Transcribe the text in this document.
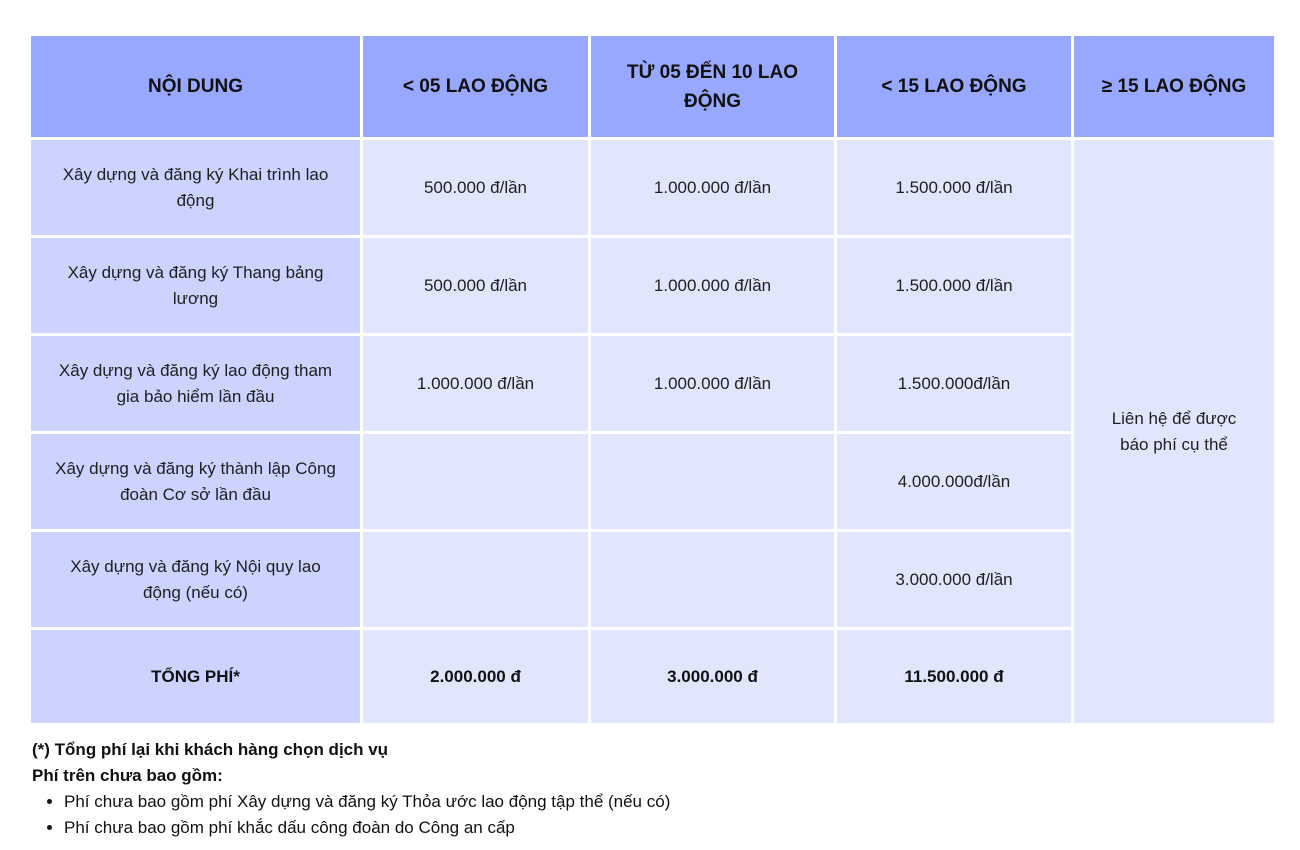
NỘI DUNG	< 05 LAO ĐỘNG	TỪ 05 ĐẾN 10 LAO ĐỘNG	< 15 LAO ĐỘNG	≥ 15 LAO ĐỘNG
Xây dựng và đăng ký Khai trình lao động	500.000 đ/lần	1.000.000 đ/lần	1.500.000 đ/lần	Liên hệ để được báo phí cụ thể
Xây dựng và đăng ký Thang bảng lương	500.000 đ/lần	1.000.000 đ/lần	1.500.000 đ/lần	
Xây dựng và đăng ký lao động tham gia bảo hiểm lần đầu	1.000.000 đ/lần	1.000.000 đ/lần	1.500.000đ/lần	
Xây dựng và đăng ký thành lập Công đoàn Cơ sở lần đầu			4.000.000đ/lần	
Xây dựng và đăng ký Nội quy lao động (nếu có)			3.000.000 đ/lần	
TỔNG PHÍ*	2.000.000 đ	3.000.000 đ	11.500.000 đ	

(*) Tổng phí lại khi khách hàng chọn dịch vụ

Phí trên chưa bao gồm:

• Phí chưa bao gồm phí Xây dựng và đăng ký Thỏa ước lao động tập thể (nếu có)
• Phí chưa bao gồm phí khắc dấu công đoàn do Công an cấp
